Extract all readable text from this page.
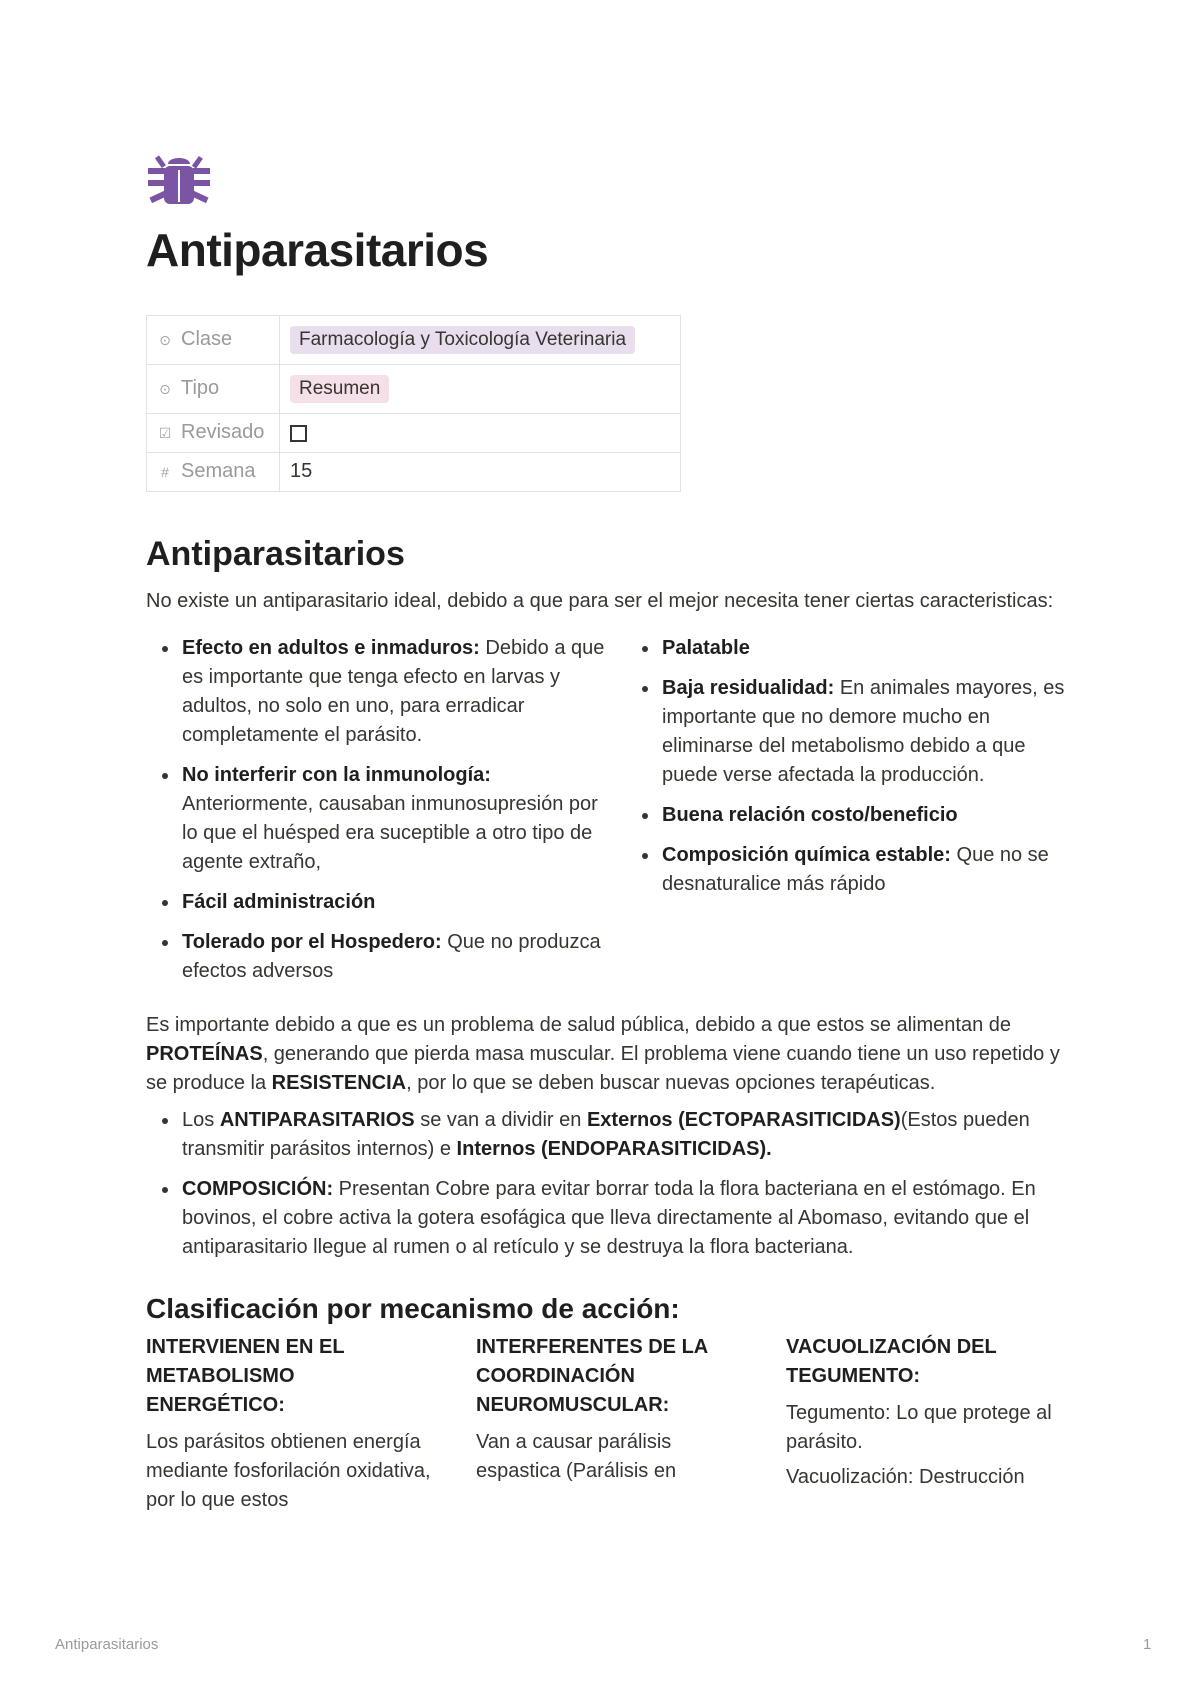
Antiparasitarios
⊙ Clase	Farmacología y Toxicología Veterinaria
⊙ Tipo	Resumen
☑ Revisado	
# Semana	15
Antiparasitarios

No existe un antiparasitario ideal, debido a que para ser el mejor necesita tener ciertas caracteristicas:

• Efecto en adultos e inmaduros: Debido a que es importante que tenga efecto en larvas y adultos, no solo en uno, para erradicar completamente el parásito.
• No interferir con la inmunología: Anteriormente, causaban inmunosupresión por lo que el huésped era suceptible a otro tipo de agente extraño,
• Fácil administración
• Tolerado por el Hospedero: Que no produzca efectos adversos
• Palatable
• Baja residualidad: En animales mayores, es importante que no demore mucho en eliminarse del metabolismo debido a que puede verse afectada la producción.
• Buena relación costo/beneficio
• Composición química estable: Que no se desnaturalice más rápido

Es importante debido a que es un problema de salud pública, debido a que estos se alimentan de PROTEÍNAS, generando que pierda masa muscular. El problema viene cuando tiene un uso repetido y se produce la RESISTENCIA, por lo que se deben buscar nuevas opciones terapéuticas.

• Los ANTIPARASITARIOS se van a dividir en Externos (ECTOPARASITICIDAS)(Estos pueden transmitir parásitos internos) e Internos (ENDOPARASITICIDAS).
• COMPOSICIÓN: Presentan Cobre para evitar borrar toda la flora bacteriana en el estómago. En bovinos, el cobre activa la gotera esofágica que lleva directamente al Abomaso, evitando que el antiparasitario llegue al rumen o al retículo y se destruya la flora bacteriana.
Clasificación por mecanismo de acción:
INTERVIENEN EN EL METABOLISMO ENERGÉTICO:

Los parásitos obtienen energía mediante fosforilación oxidativa, por lo que estos

INTERFERENTES DE LA COORDINACIÓN NEUROMUSCULAR:

Van a causar parálisis espastica (Parálisis en

VACUOLIZACIÓN DEL TEGUMENTO:

Tegumento: Lo que protege al parásito.

Vacuolización: Destrucción

Antiparasitarios	1
